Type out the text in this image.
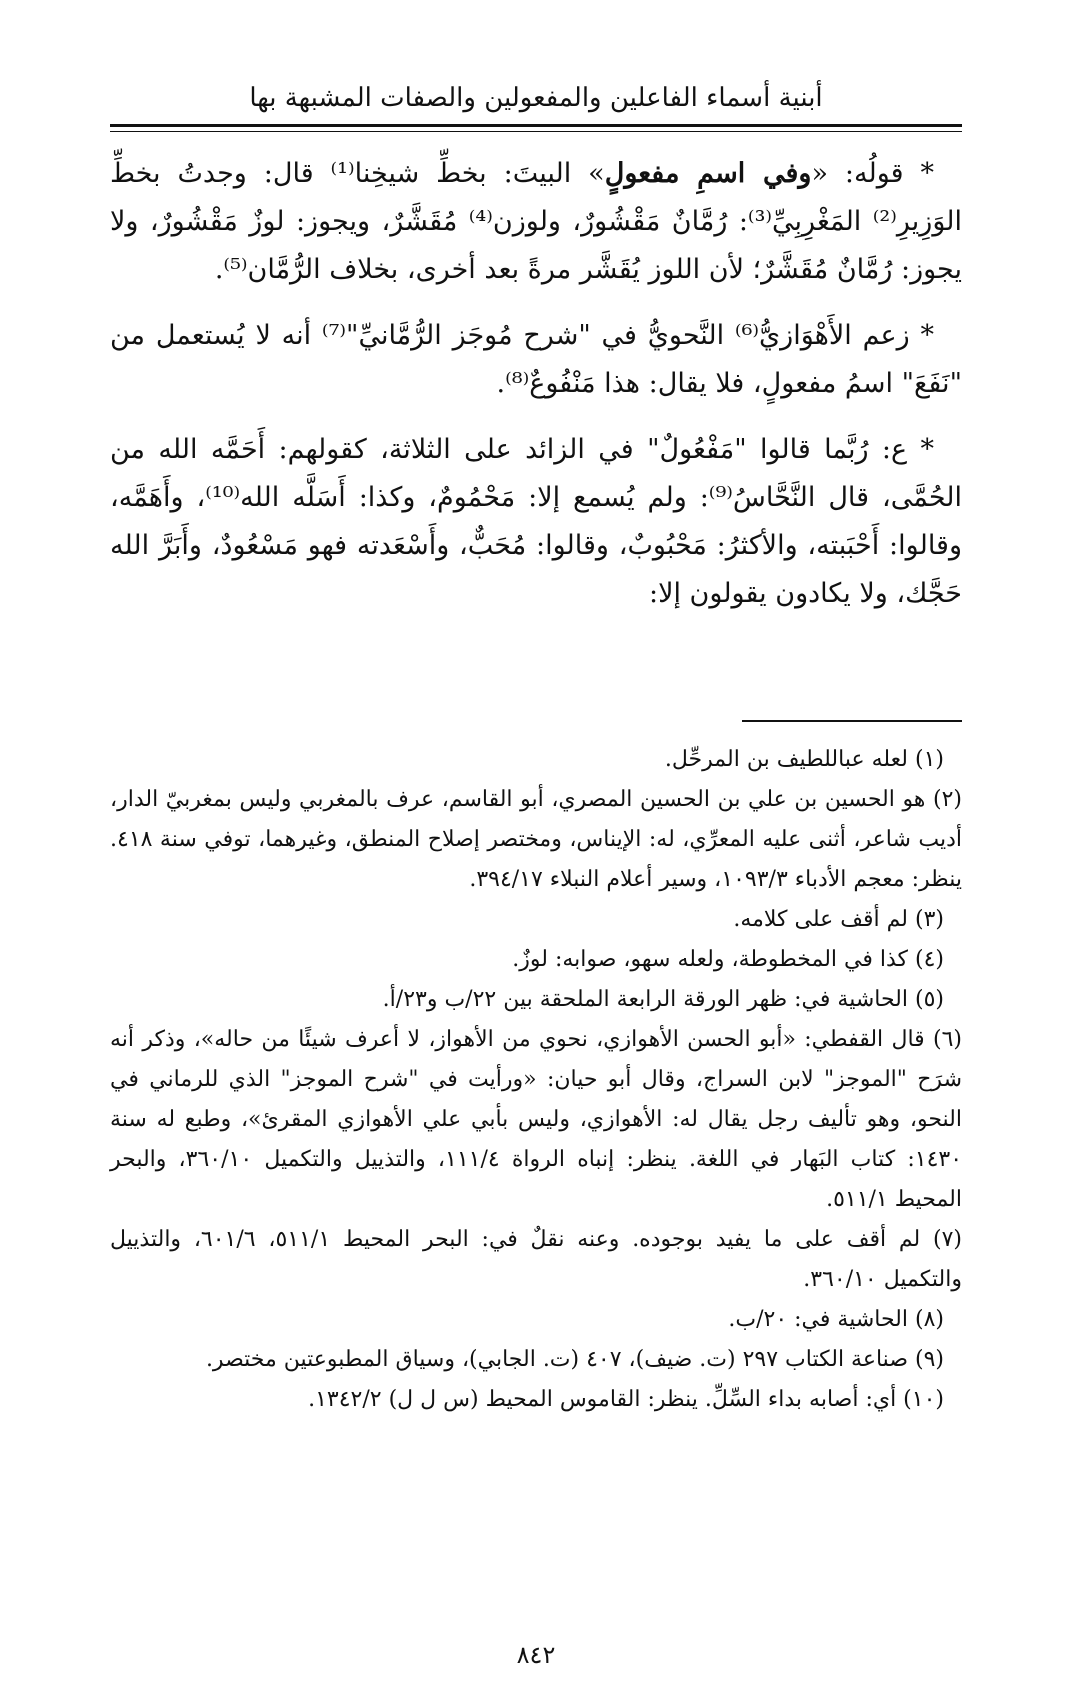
أبنية أسماء الفاعلين والمفعولين والصفات المشبهة بها

* قولُه: «وفي اسمِ مفعولٍ» البيتَ: بخطِّ شيخِنا⁽¹⁾ قال: وجدتُ بخطِّ الوَزِيرِ⁽²⁾ المَغْرِبِيِّ⁽³⁾: رُمَّانٌ مَقْشُورٌ، ولوزن⁽⁴⁾ مُقَشَّرٌ، ويجوز: لوزٌ مَقْشُورٌ، ولا يجوز: رُمَّانٌ مُقَشَّرٌ؛ لأن اللوز يُقَشَّر مرةً بعد أخرى، بخلاف الرُّمَّان⁽⁵⁾.

* زعم الأَهْوَازيُّ⁽⁶⁾ النَّحويُّ في "شرح مُوجَز الرُّمَّانيِّ"⁽⁷⁾ أنه لا يُستعمل من "نَفَعَ" اسمُ مفعولٍ، فلا يقال: هذا مَنْفُوعٌ⁽⁸⁾.

* ع: رُبَّما قالوا "مَفْعُولٌ" في الزائد على الثلاثة، كقولهم: أَحَمَّه الله من الحُمَّى، قال النَّحَّاسُ⁽⁹⁾: ولم يُسمع إلا: مَحْمُومٌ، وكذا: أَسَلَّه الله⁽¹⁰⁾، وأَهَمَّه، وقالوا: أَحْبَبته، والأكثرُ: مَحْبُوبٌ، وقالوا: مُحَبٌّ، وأَسْعَدته فهو مَسْعُودٌ، وأَبَرَّ الله حَجَّك، ولا يكادون يقولون إلا:

(١) لعله عباللطيف بن المرحِّل.

(٢) هو الحسين بن علي بن الحسين المصري، أبو القاسم، عرف بالمغربي وليس بمغربيّ الدار، أديب شاعر، أثنى عليه المعرِّي، له: الإيناس، ومختصر إصلاح المنطق، وغيرهما، توفي سنة ٤١٨. ينظر: معجم الأدباء ١٠٩٣/٣، وسير أعلام النبلاء ٣٩٤/١٧.

(٣) لم أقف على كلامه.

(٤) كذا في المخطوطة، ولعله سهو، صوابه: لوزٌ.

(٥) الحاشية في: ظهر الورقة الرابعة الملحقة بين ٢٢/ب و٢٣/أ.

(٦) قال القفطي: «أبو الحسن الأهوازي، نحوي من الأهواز، لا أعرف شيئًا من حاله»، وذكر أنه شرَح "الموجز" لابن السراج، وقال أبو حيان: «ورأيت في "شرح الموجز" الذي للرماني في النحو، وهو تأليف رجل يقال له: الأهوازي، وليس بأبي علي الأهوازي المقرئ»، وطبع له سنة ١٤٣٠: كتاب البَهار في اللغة. ينظر: إنباه الرواة ١١١/٤، والتذييل والتكميل ٣٦٠/١٠، والبحر المحيط ٥١١/١.

(٧) لم أقف على ما يفيد بوجوده. وعنه نقلٌ في: البحر المحيط ٥١١/١، ٦٠١/٦، والتذييل والتكميل ٣٦٠/١٠.

(٨) الحاشية في: ٢٠/ب.

(٩) صناعة الكتاب ٢٩٧ (ت. ضيف)، ٤٠٧ (ت. الجابي)، وسياق المطبوعتين مختصر.

(١٠) أي: أصابه بداء السِّلِّ. ينظر: القاموس المحيط (س ل ل) ١٣٤٢/٢.

٨٤٢
